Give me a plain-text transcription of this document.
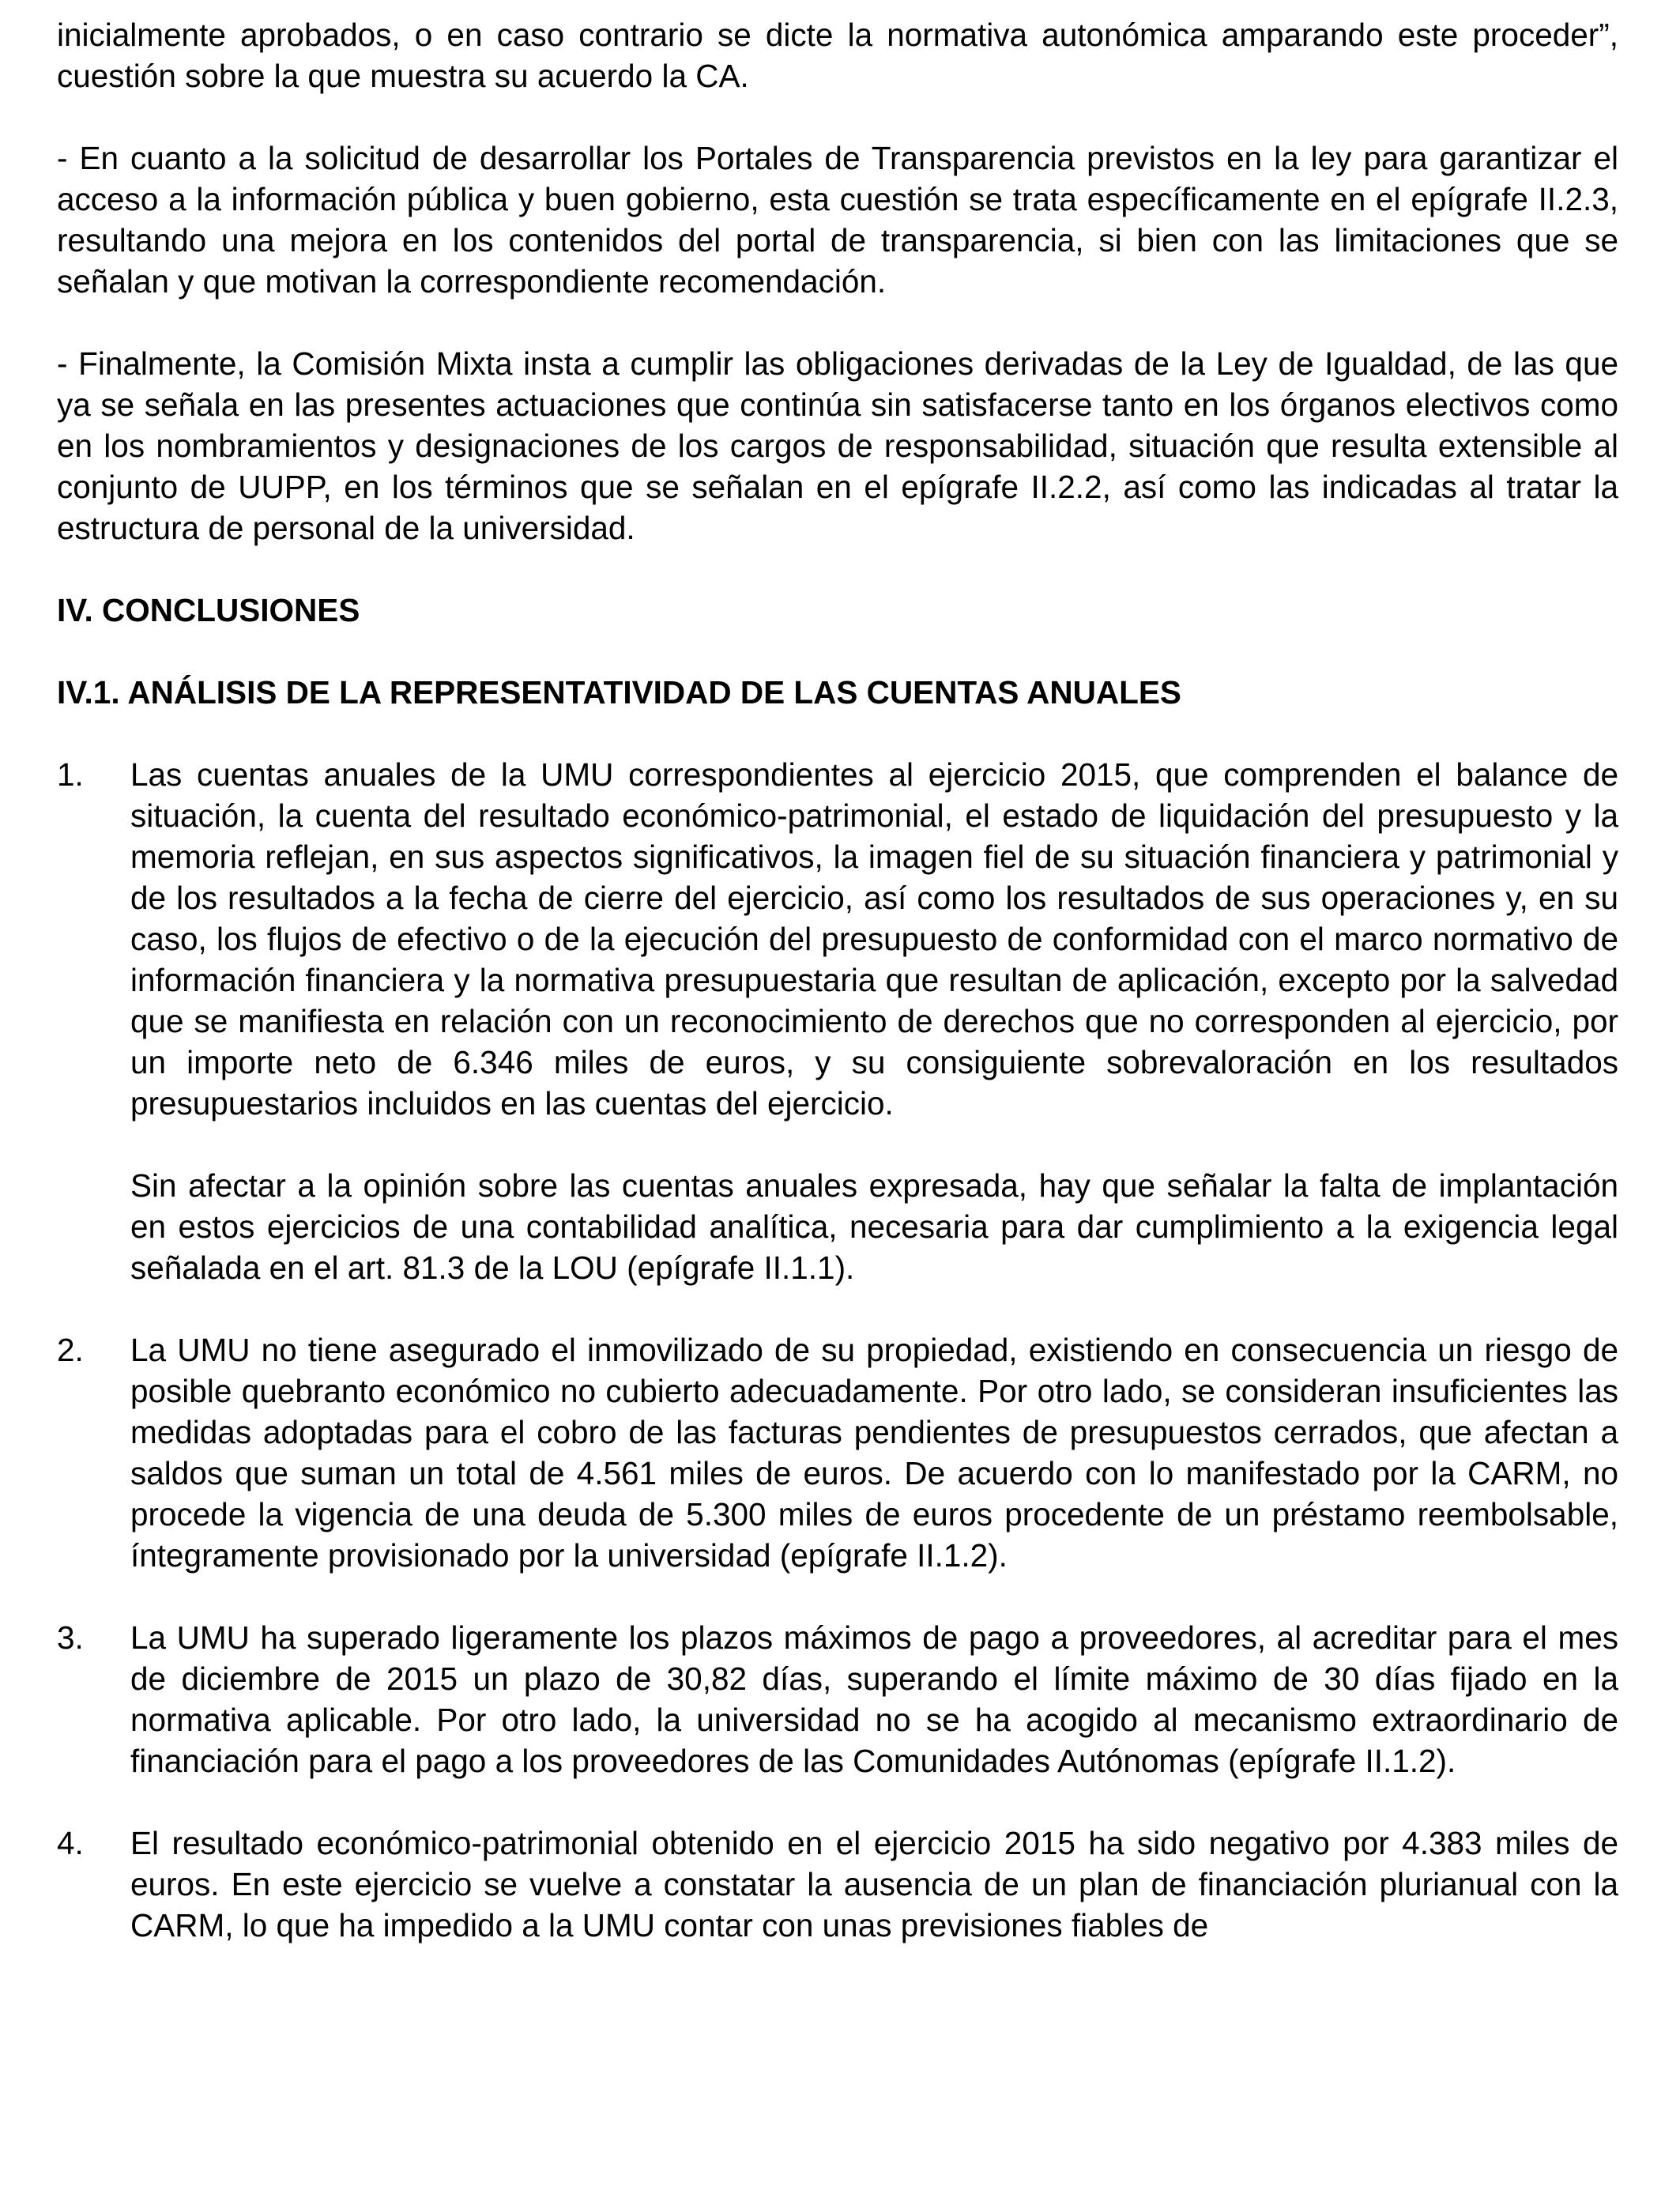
inicialmente aprobados, o en caso contrario se dicte la normativa autonómica amparando este proceder”, cuestión sobre la que muestra su acuerdo la CA.

- En cuanto a la solicitud de desarrollar los Portales de Transparencia previstos en la ley para garantizar el acceso a la información pública y buen gobierno, esta cuestión se trata específicamente en el epígrafe II.2.3, resultando una mejora en los contenidos del portal de transparencia, si bien con las limitaciones que se señalan y que motivan la correspondiente recomendación.

- Finalmente, la Comisión Mixta insta a cumplir las obligaciones derivadas de la Ley de Igualdad, de las que ya se señala en las presentes actuaciones que continúa sin satisfacerse tanto en los órganos electivos como en los nombramientos y designaciones de los cargos de responsabilidad, situación que resulta extensible al conjunto de UUPP, en los términos que se señalan en el epígrafe II.2.2, así como las indicadas al tratar la estructura de personal de la universidad.

IV. CONCLUSIONES
IV.1. ANÁLISIS DE LA REPRESENTATIVIDAD DE LAS CUENTAS ANUALES
1. Las cuentas anuales de la UMU correspondientes al ejercicio 2015, que comprenden el balance de situación, la cuenta del resultado económico-patrimonial, el estado de liquidación del presupuesto y la memoria reflejan, en sus aspectos significativos, la imagen fiel de su situación financiera y patrimonial y de los resultados a la fecha de cierre del ejercicio, así como los resultados de sus operaciones y, en su caso, los flujos de efectivo o de la ejecución del presupuesto de conformidad con el marco normativo de información financiera y la normativa presupuestaria que resultan de aplicación, excepto por la salvedad que se manifiesta en relación con un reconocimiento de derechos que no corresponden al ejercicio, por un importe neto de 6.346 miles de euros, y su consiguiente sobrevaloración en los resultados presupuestarios incluidos en las cuentas del ejercicio.

Sin afectar a la opinión sobre las cuentas anuales expresada, hay que señalar la falta de implantación en estos ejercicios de una contabilidad analítica, necesaria para dar cumplimiento a la exigencia legal señalada en el art. 81.3 de la LOU (epígrafe II.1.1).

2. La UMU no tiene asegurado el inmovilizado de su propiedad, existiendo en consecuencia un riesgo de posible quebranto económico no cubierto adecuadamente. Por otro lado, se consideran insuficientes las medidas adoptadas para el cobro de las facturas pendientes de presupuestos cerrados, que afectan a saldos que suman un total de 4.561 miles de euros. De acuerdo con lo manifestado por la CARM, no procede la vigencia de una deuda de 5.300 miles de euros procedente de un préstamo reembolsable, íntegramente provisionado por la universidad (epígrafe II.1.2).

3. La UMU ha superado ligeramente los plazos máximos de pago a proveedores, al acreditar para el mes de diciembre de 2015 un plazo de 30,82 días, superando el límite máximo de 30 días fijado en la normativa aplicable. Por otro lado, la universidad no se ha acogido al mecanismo extraordinario de financiación para el pago a los proveedores de las Comunidades Autónomas (epígrafe II.1.2).

4. El resultado económico-patrimonial obtenido en el ejercicio 2015 ha sido negativo por 4.383 miles de euros. En este ejercicio se vuelve a constatar la ausencia de un plan de financiación plurianual con la CARM, lo que ha impedido a la UMU contar con unas previsiones fiables de
